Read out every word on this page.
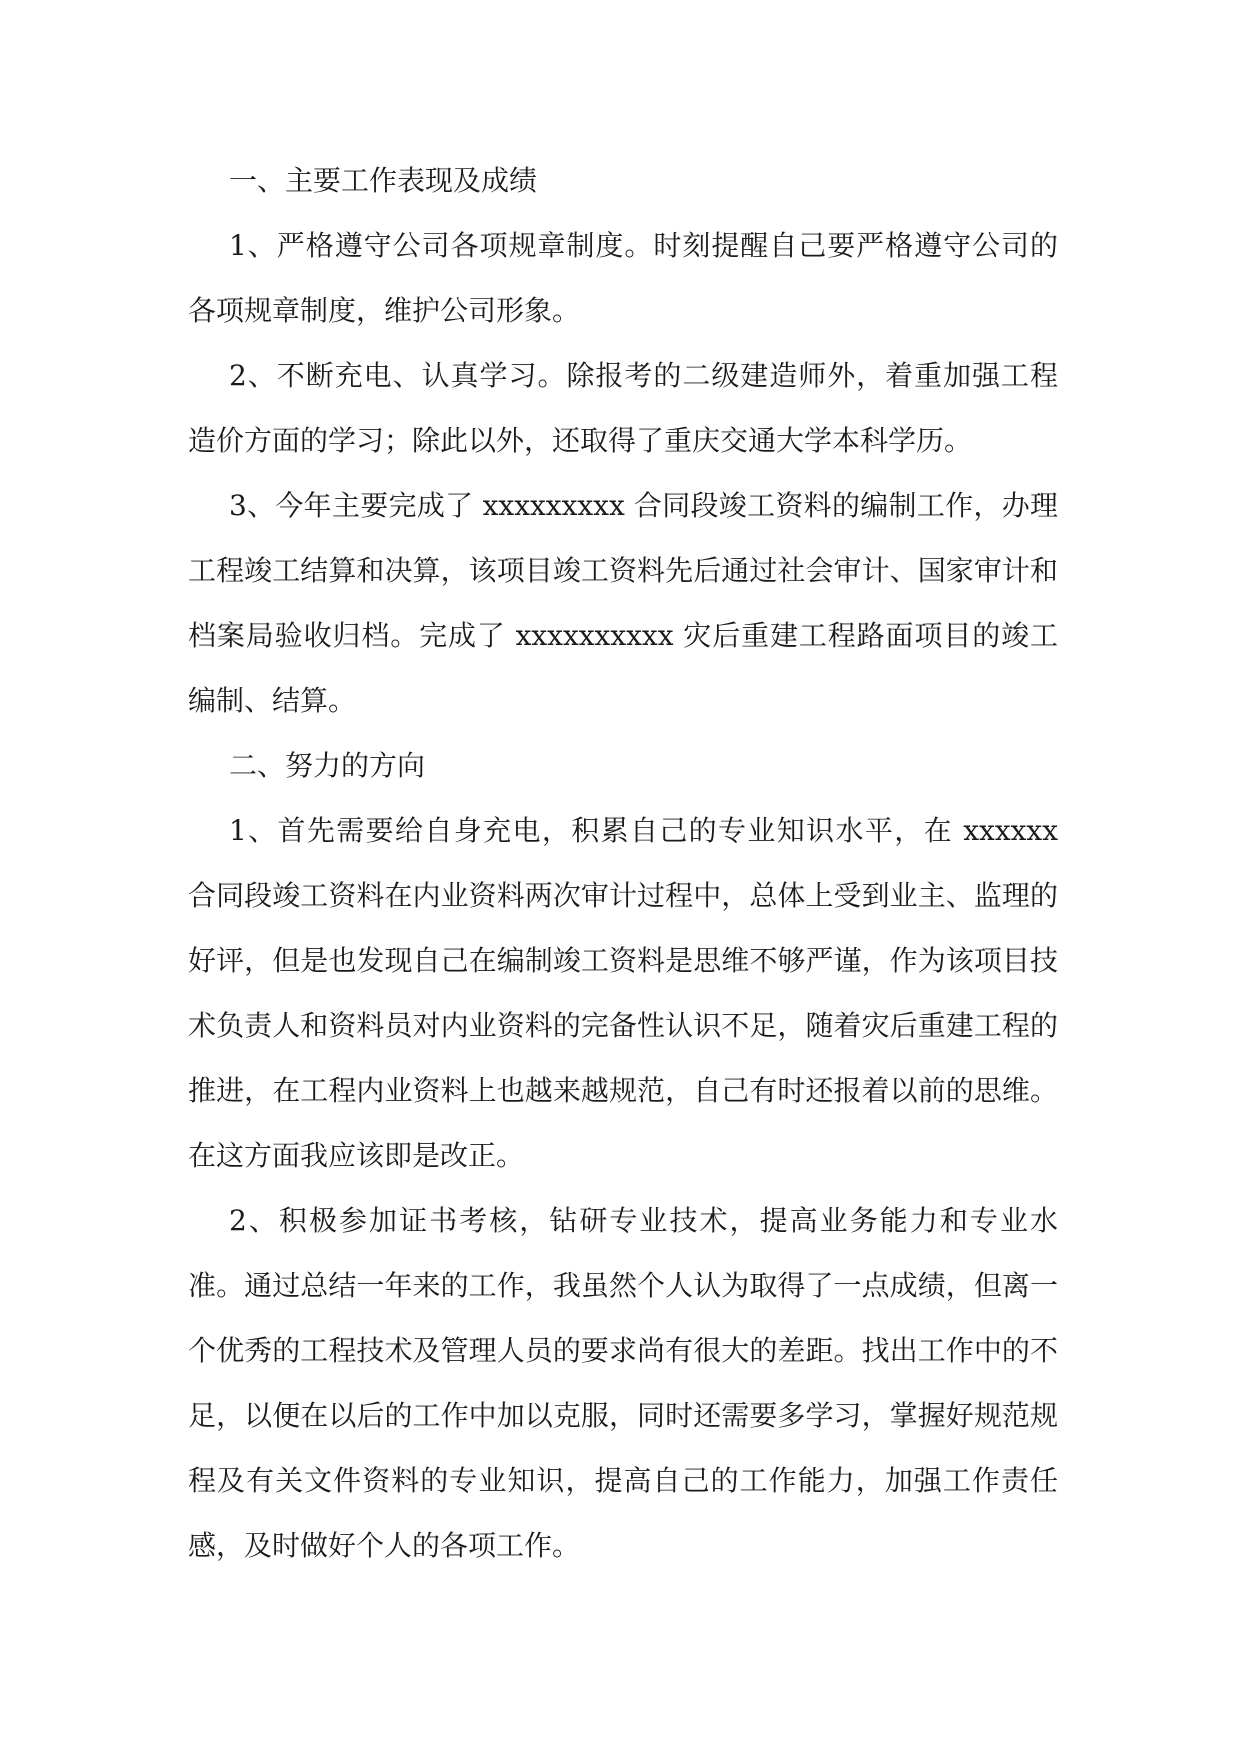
一、主要工作表现及成绩

1、严格遵守公司各项规章制度。时刻提醒自己要严格遵守公司的各项规章制度，维护公司形象。

2、不断充电、认真学习。除报考的二级建造师外，着重加强工程造价方面的学习；除此以外，还取得了重庆交通大学本科学历。

3、今年主要完成了 xxxxxxxxx 合同段竣工资料的编制工作，办理工程竣工结算和决算，该项目竣工资料先后通过社会审计、国家审计和档案局验收归档。完成了 xxxxxxxxxx 灾后重建工程路面项目的竣工编制、结算。

二、努力的方向

1、首先需要给自身充电，积累自己的专业知识水平，在 xxxxxx 合同段竣工资料在内业资料两次审计过程中，总体上受到业主、监理的好评，但是也发现自己在编制竣工资料是思维不够严谨，作为该项目技术负责人和资料员对内业资料的完备性认识不足，随着灾后重建工程的推进，在工程内业资料上也越来越规范，自己有时还报着以前的思维。在这方面我应该即是改正。

2、积极参加证书考核，钻研专业技术，提高业务能力和专业水准。通过总结一年来的工作，我虽然个人认为取得了一点成绩，但离一个优秀的工程技术及管理人员的要求尚有很大的差距。找出工作中的不足，以便在以后的工作中加以克服，同时还需要多学习，掌握好规范规程及有关文件资料的专业知识，提高自己的工作能力，加强工作责任感，及时做好个人的各项工作。
